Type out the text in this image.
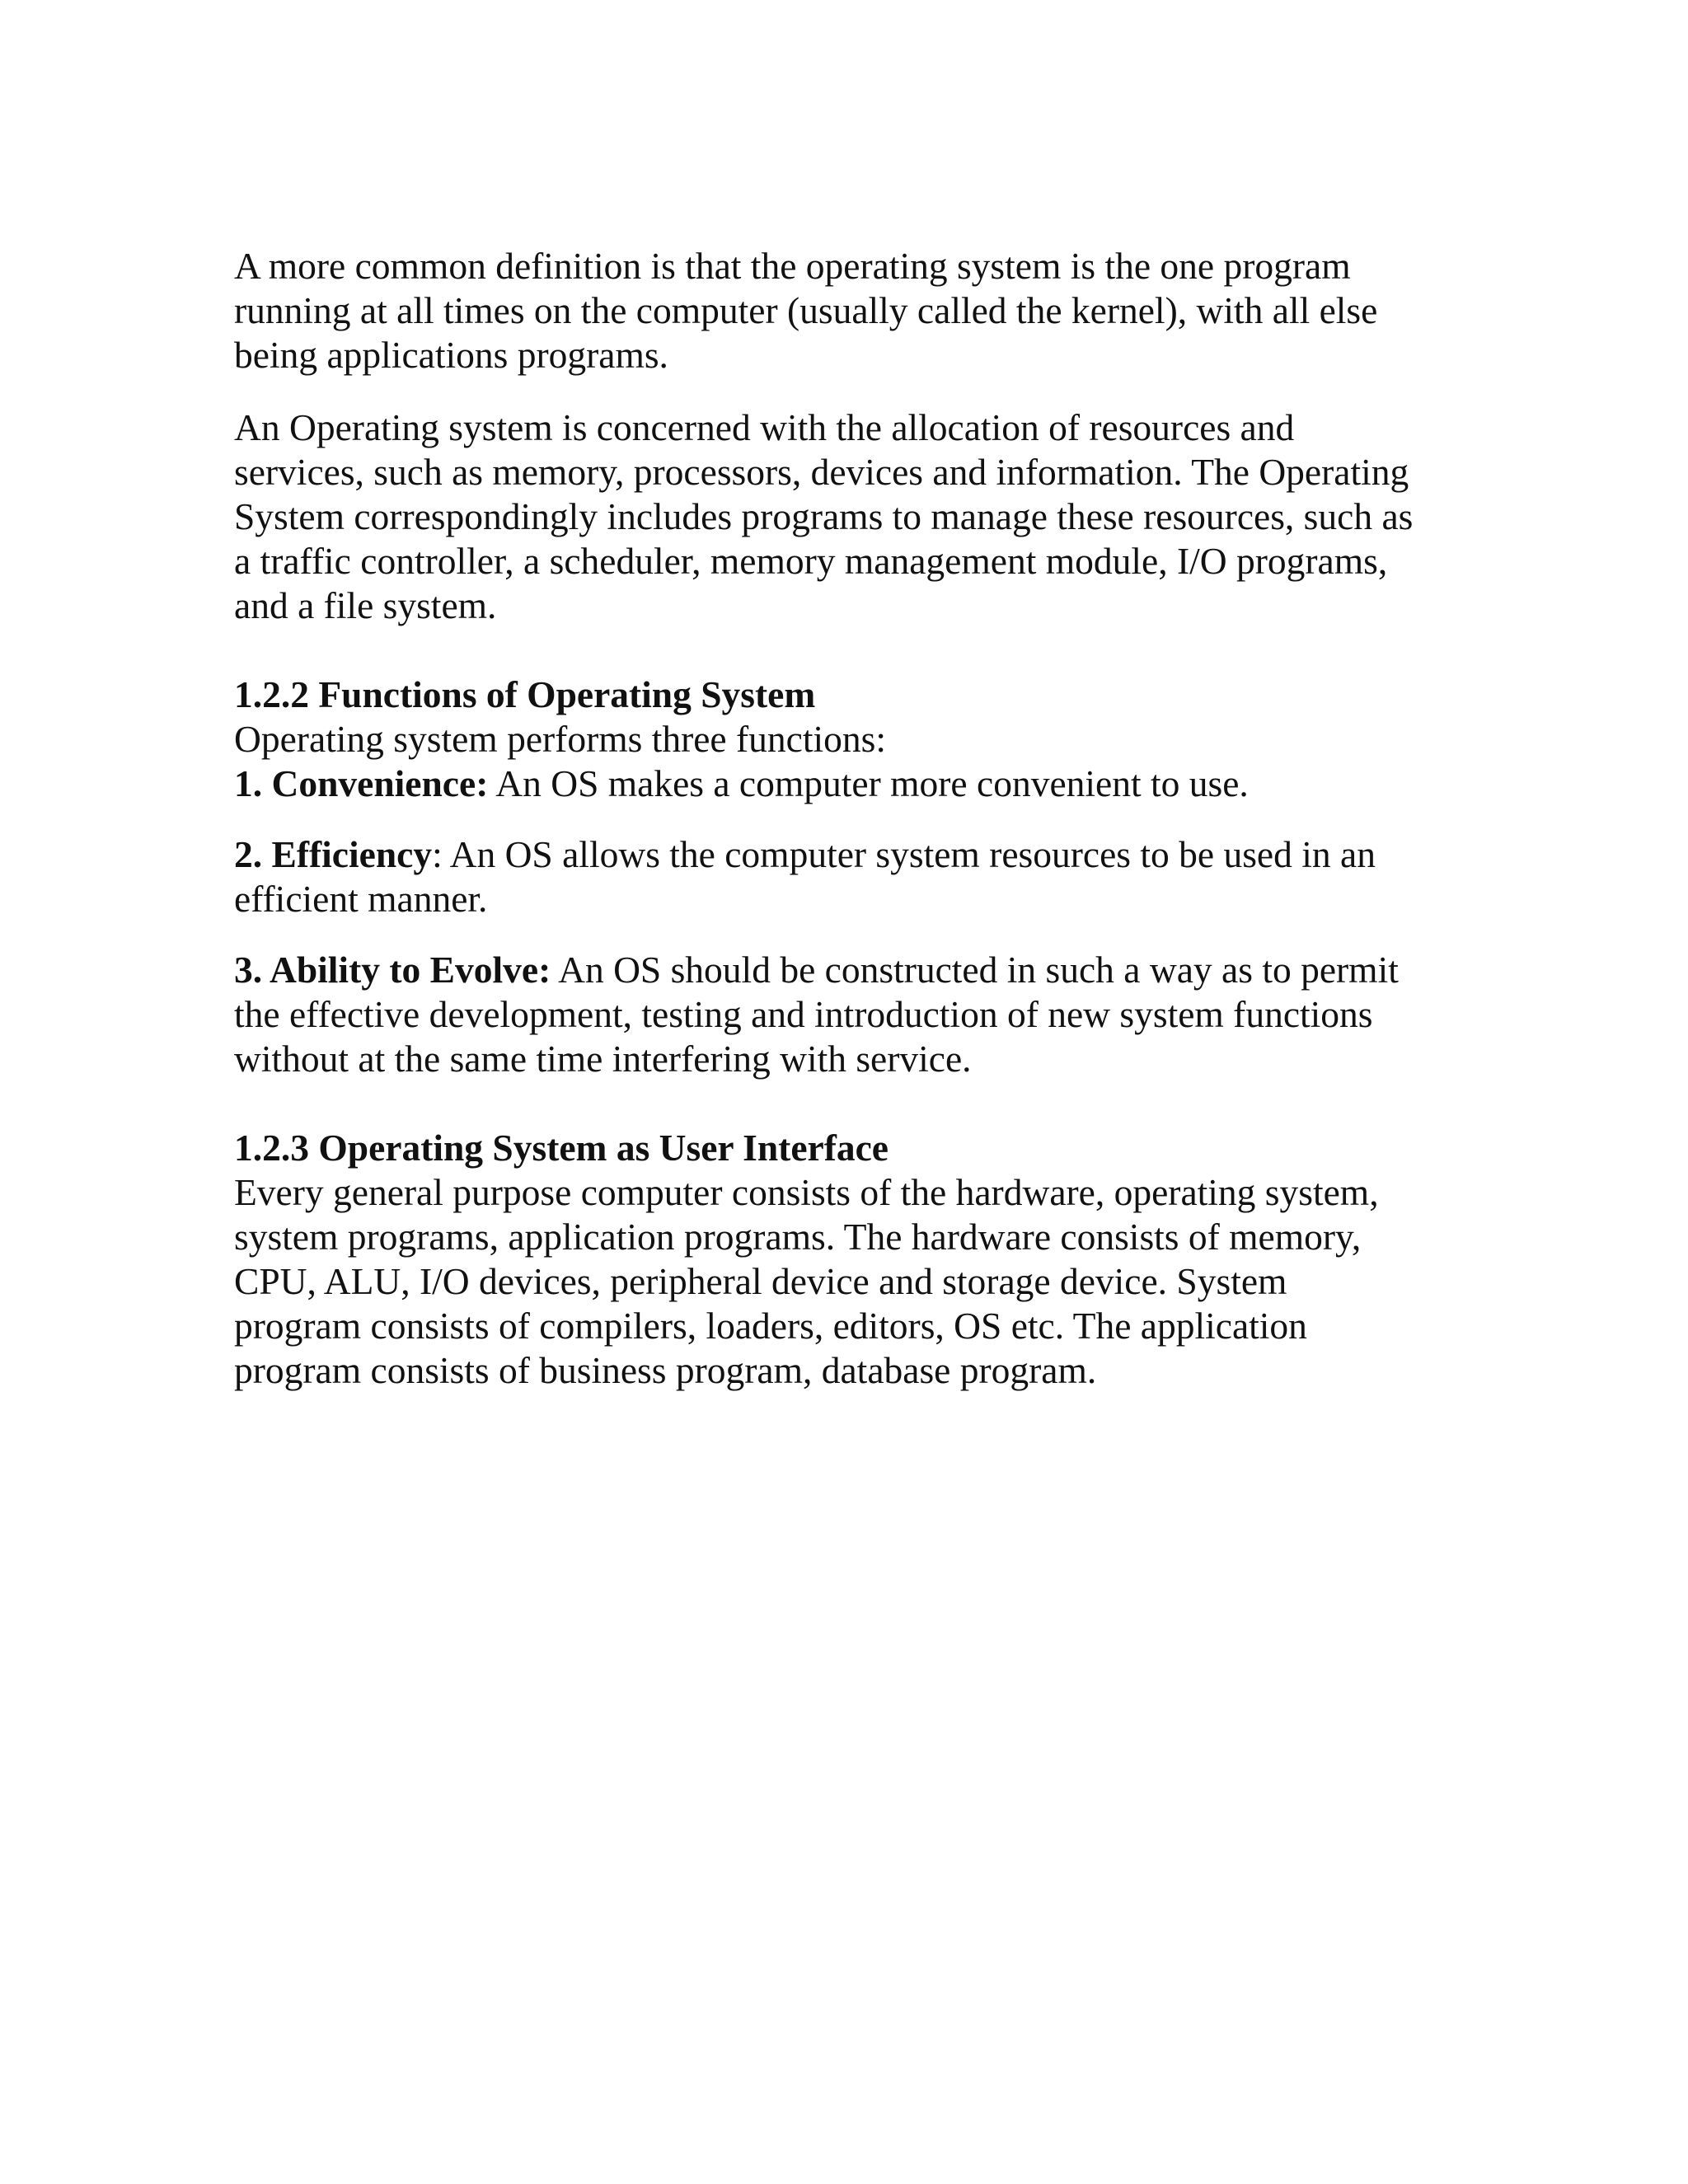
A more common definition is that the operating system is the one program
running at all times on the computer (usually called the kernel), with all else
being applications programs.

An Operating system is concerned with the allocation of resources and
services, such as memory, processors, devices and information. The Operating
System correspondingly includes programs to manage these resources, such as
a traffic controller, a scheduler, memory management module, I/O programs,
and a file system.

1.2.2 Functions of Operating System

Operating system performs three functions:

1. Convenience: An OS makes a computer more convenient to use.

2. Efficiency: An OS allows the computer system resources to be used in an
efficient manner.

3. Ability to Evolve: An OS should be constructed in such a way as to permit
the effective development, testing and introduction of new system functions
without at the same time interfering with service.

1.2.3 Operating System as User Interface

Every general purpose computer consists of the hardware, operating system,
system programs, application programs. The hardware consists of memory,
CPU, ALU, I/O devices, peripheral device and storage device. System
program consists of compilers, loaders, editors, OS etc. The application
program consists of business program, database program.
